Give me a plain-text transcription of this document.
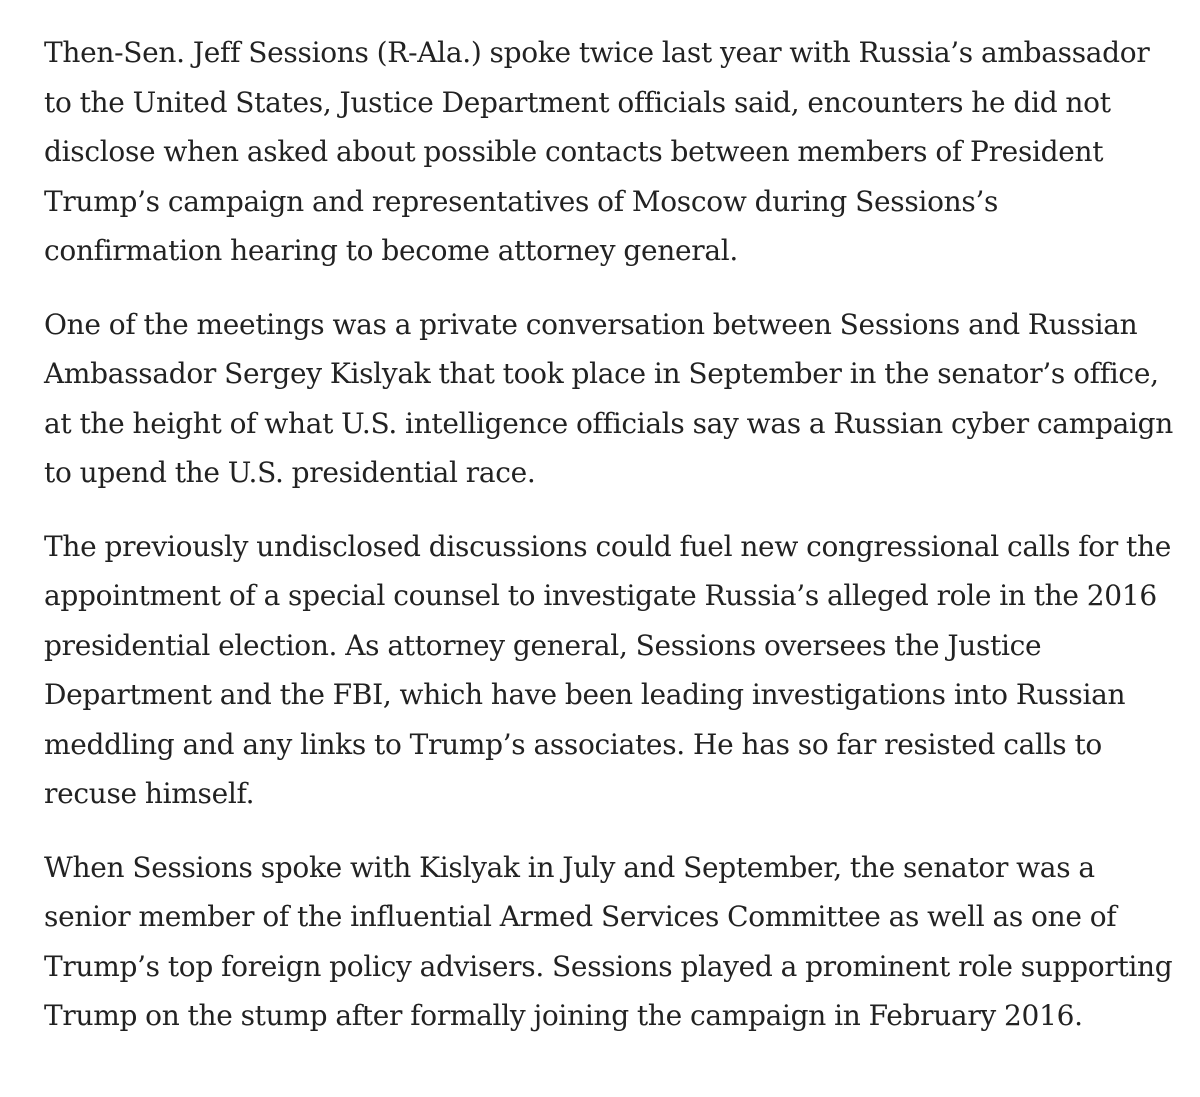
Then-Sen. Jeff Sessions (R-Ala.) spoke twice last year with Russia’s ambassador to the United States, Justice Department officials said, encounters he did not disclose when asked about possible contacts between members of President Trump’s campaign and representatives of Moscow during Sessions’s confirmation hearing to become attorney general.

One of the meetings was a private conversation between Sessions and Russian Ambassador Sergey Kislyak that took place in September in the senator’s office, at the height of what U.S. intelligence officials say was a Russian cyber campaign to upend the U.S. presidential race.

The previously undisclosed discussions could fuel new congressional calls for the appointment of a special counsel to investigate Russia’s alleged role in the 2016 presidential election. As attorney general, Sessions oversees the Justice Department and the FBI, which have been leading investigations into Russian meddling and any links to Trump’s associates. He has so far resisted calls to recuse himself.

When Sessions spoke with Kislyak in July and September, the senator was a senior member of the influential Armed Services Committee as well as one of Trump’s top foreign policy advisers. Sessions played a prominent role supporting Trump on the stump after formally joining the campaign in February 2016.
